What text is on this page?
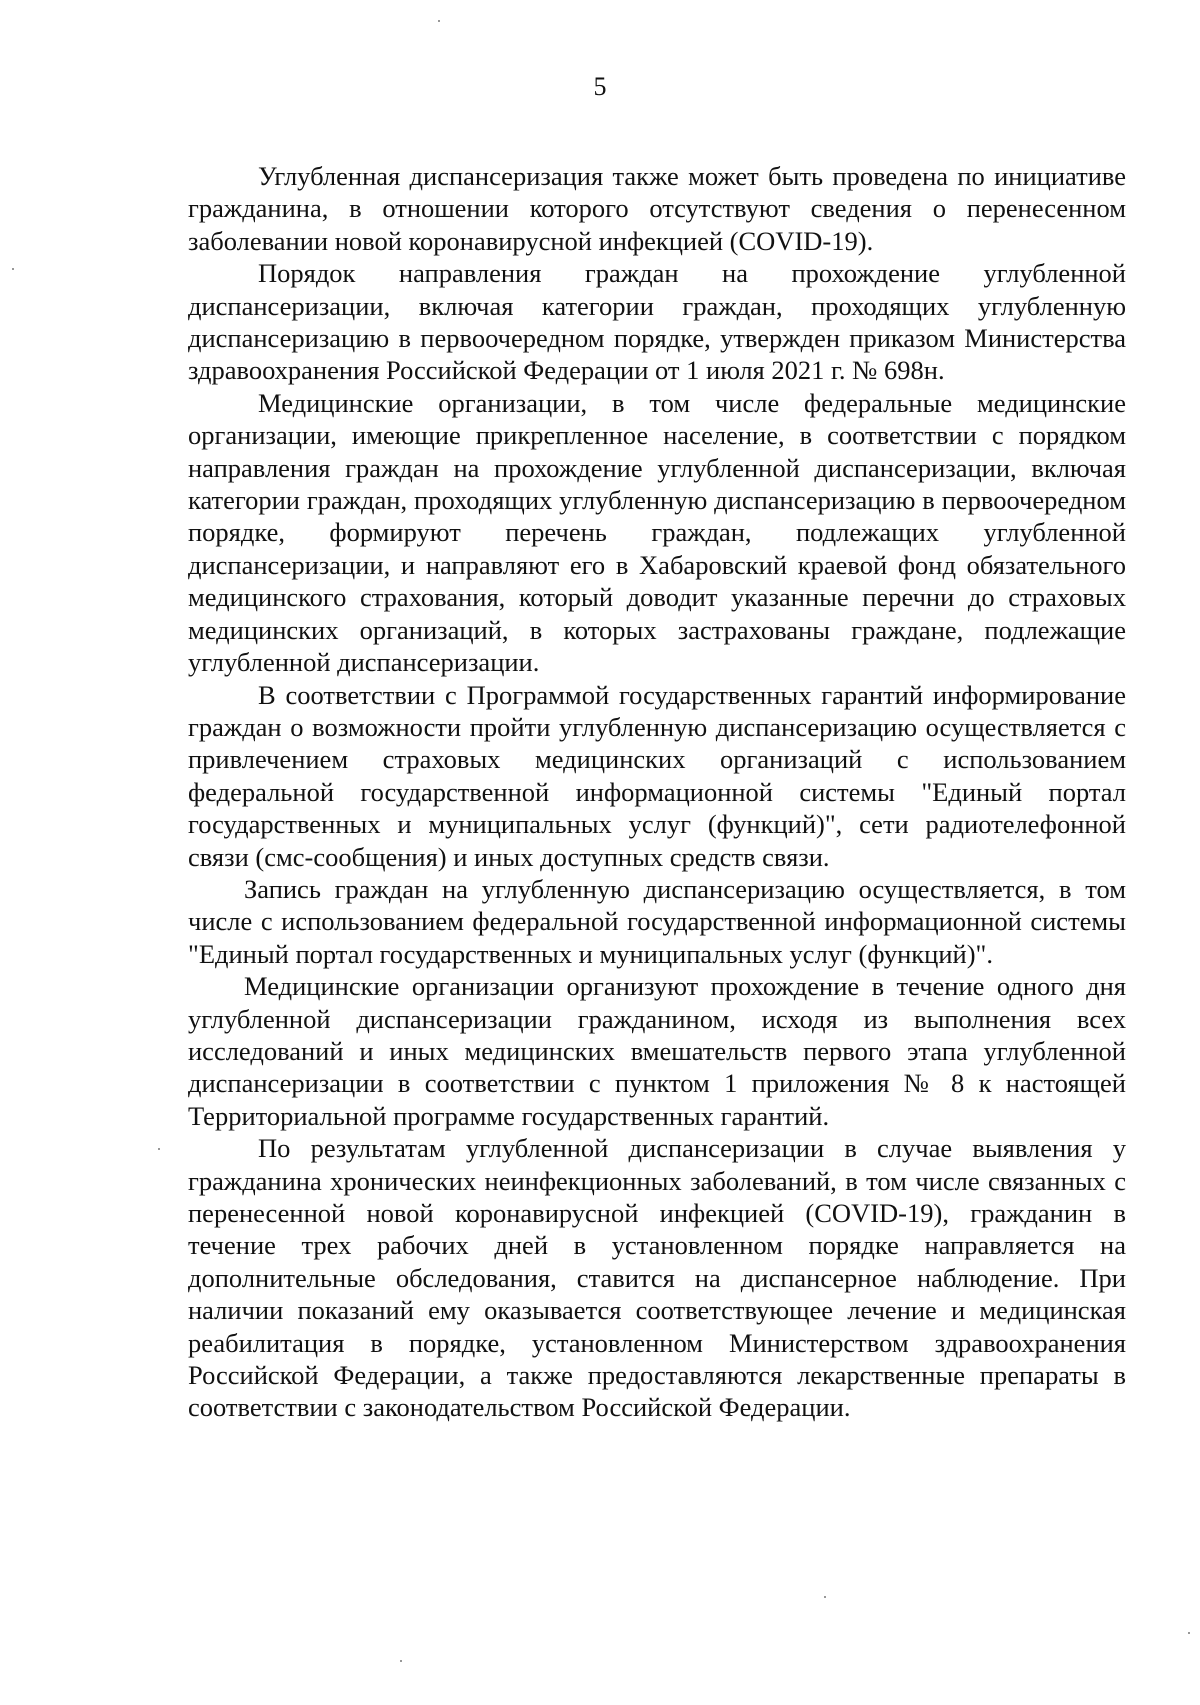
5

Углубленная диспансеризация также может быть проведена по инициативе гражданина, в отношении которого отсутствуют сведения о перенесенном заболевании новой коронавирусной инфекцией (COVID-19).

Порядок направления граждан на прохождение углубленной диспансеризации, включая категории граждан, проходящих углубленную диспансеризацию в первоочередном порядке, утвержден приказом Министерства здравоохранения Российской Федерации от 1 июля 2021 г. № 698н.

Медицинские организации, в том числе федеральные медицинские организации, имеющие прикрепленное население, в соответствии с порядком направления граждан на прохождение углубленной диспансеризации, включая категории граждан, проходящих углубленную диспансеризацию в первоочередном порядке, формируют перечень граждан, подлежащих углубленной диспансеризации, и направляют его в Хабаровский краевой фонд обязательного медицинского страхования, который доводит указанные перечни до страховых медицинских организаций, в которых застрахованы граждане, подлежащие углубленной диспансеризации.

В соответствии с Программой государственных гарантий информирование граждан о возможности пройти углубленную диспансеризацию осуществляется с привлечением страховых медицинских организаций с использованием федеральной государственной информационной системы "Единый портал государственных и муниципальных услуг (функций)", сети радиотелефонной связи (смс-сообщения) и иных доступных средств связи.

Запись граждан на углубленную диспансеризацию осуществляется, в том числе с использованием федеральной государственной информационной системы "Единый портал государственных и муниципальных услуг (функций)".

Медицинские организации организуют прохождение в течение одного дня углубленной диспансеризации гражданином, исходя из выполнения всех исследований и иных медицинских вмешательств первого этапа углубленной диспансеризации в соответствии с пунктом 1 приложения № 8 к настоящей Территориальной программе государственных гарантий.

По результатам углубленной диспансеризации в случае выявления у гражданина хронических неинфекционных заболеваний, в том числе связанных с перенесенной новой коронавирусной инфекцией (COVID-19), гражданин в течение трех рабочих дней в установленном порядке направляется на дополнительные обследования, ставится на диспансерное наблюдение. При наличии показаний ему оказывается соответствующее лечение и медицинская реабилитация в порядке, установленном Министерством здравоохранения Российской Федерации, а также предоставляются лекарственные препараты в соответствии с законодательством Российской Федерации.
